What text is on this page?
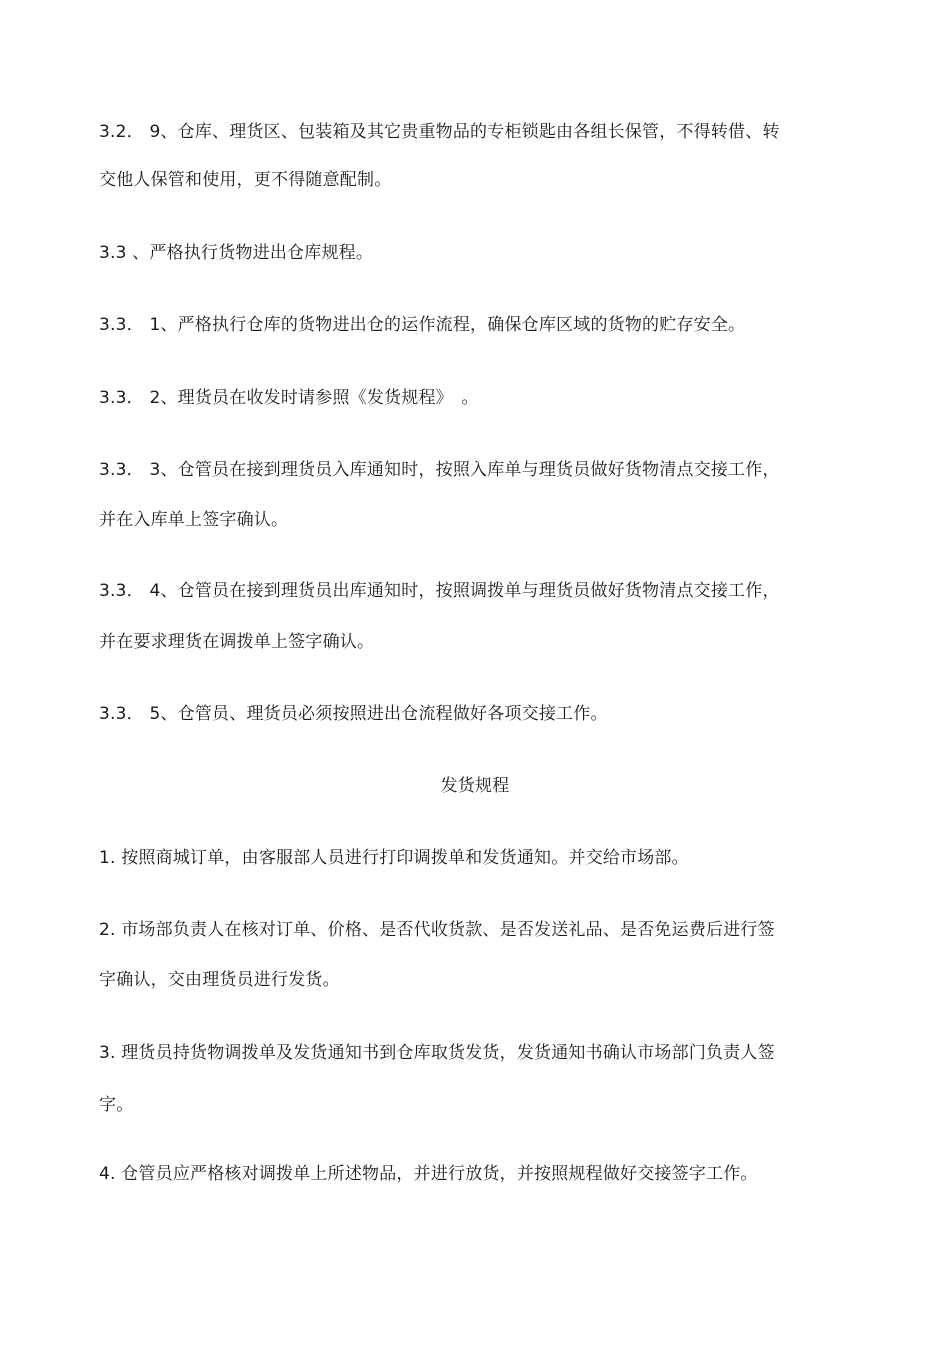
3.2． 9、仓库、理货区、包装箱及其它贵重物品的专柜锁匙由各组长保管，不得转借、转
交他人保管和使用，更不得随意配制。
3.3 、严格执行货物进出仓库规程。
3.3． 1、严格执行仓库的货物进出仓的运作流程，确保仓库区域的货物的贮存安全。
3.3． 2、理货员在收发时请参照《发货规程》　。
3.3． 3、仓管员在接到理货员入库通知时，按照入库单与理货员做好货物清点交接工作，
并在入库单上签字确认。
3.3． 4、仓管员在接到理货员出库通知时，按照调拨单与理货员做好货物清点交接工作，
并在要求理货在调拨单上签字确认。
3.3． 5、仓管员、理货员必须按照进出仓流程做好各项交接工作。
发货规程
1. 按照商城订单，由客服部人员进行打印调拨单和发货通知。并交给市场部。
2. 市场部负责人在核对订单、价格、是否代收货款、是否发送礼品、是否免运费后进行签
字确认，交由理货员进行发货。
3. 理货员持货物调拨单及发货通知书到仓库取货发货，发货通知书确认市场部门负责人签
字。
4. 仓管员应严格核对调拨单上所述物品，并进行放货，并按照规程做好交接签字工作。
